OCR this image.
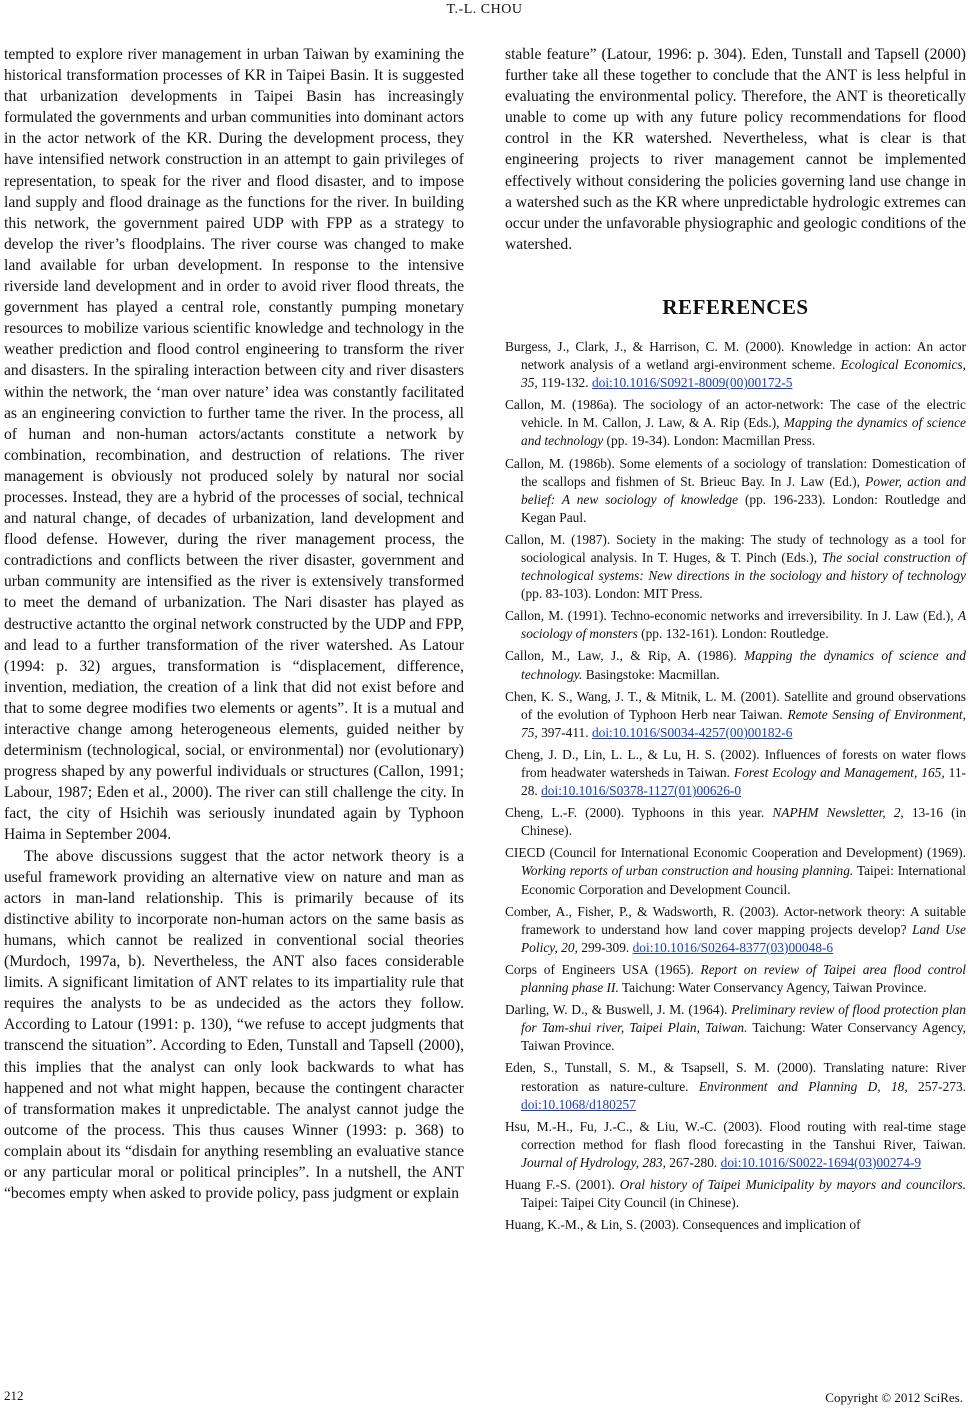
T.-L. CHOU

tempted to explore river management in urban Taiwan by examining the historical transformation processes of KR in Taipei Basin. It is suggested that urbanization developments in Taipei Basin has increasingly formulated the governments and urban communities into dominant actors in the actor network of the KR. During the development process, they have intensified network construction in an attempt to gain privileges of representation, to speak for the river and flood disaster, and to impose land supply and flood drainage as the functions for the river. In building this network, the government paired UDP with FPP as a strategy to develop the river’s floodplains. The river course was changed to make land available for urban development. In response to the intensive riverside land development and in order to avoid river flood threats, the government has played a central role, constantly pumping monetary resources to mobilize various scientific knowledge and technology in the weather prediction and flood control engineering to transform the river and disasters. In the spiraling interaction between city and river disasters within the network, the ‘man over nature’ idea was constantly facilitated as an engineering conviction to further tame the river. In the process, all of human and non-human actors/actants constitute a network by combination, recombination, and destruction of relations. The river management is obviously not produced solely by natural nor social processes. Instead, they are a hybrid of the processes of social, technical and natural change, of decades of urbanization, land development and flood defense. However, during the river management process, the contradictions and conflicts between the river disaster, government and urban community are intensified as the river is extensively transformed to meet the demand of urbanization. The Nari disaster has played as destructive actantto the orginal network constructed by the UDP and FPP, and lead to a further transformation of the river watershed. As Latour (1994: p. 32) argues, transformation is “displacement, difference, invention, mediation, the creation of a link that did not exist before and that to some degree modifies two elements or agents”. It is a mutual and interactive change among heterogeneous elements, guided neither by determinism (technological, social, or environmental) nor (evolutionary) progress shaped by any powerful individuals or structures (Callon, 1991; Labour, 1987; Eden et al., 2000). The river can still challenge the city. In fact, the city of Hsichih was seriously inundated again by Typhoon Haima in September 2004.

The above discussions suggest that the actor network theory is a useful framework providing an alternative view on nature and man as actors in man-land relationship. This is primarily because of its distinctive ability to incorporate non-human actors on the same basis as humans, which cannot be realized in conventional social theories (Murdoch, 1997a, b). Nevertheless, the ANT also faces considerable limits. A significant limitation of ANT relates to its impartiality rule that requires the analysts to be as undecided as the actors they follow. According to Latour (1991: p. 130), “we refuse to accept judgments that transcend the situation”. According to Eden, Tunstall and Tapsell (2000), this implies that the analyst can only look backwards to what has happened and not what might happen, because the contingent character of transformation makes it unpredictable. The analyst cannot judge the outcome of the process. This thus causes Winner (1993: p. 368) to complain about its “disdain for anything resembling an evaluative stance or any particular moral or political principles”. In a nutshell, the ANT “becomes empty when asked to provide policy, pass judgment or explain

stable feature” (Latour, 1996: p. 304). Eden, Tunstall and Tapsell (2000) further take all these together to conclude that the ANT is less helpful in evaluating the environmental policy. Therefore, the ANT is theoretically unable to come up with any future policy recommendations for flood control in the KR watershed. Nevertheless, what is clear is that engineering projects to river management cannot be implemented effectively without considering the policies governing land use change in a watershed such as the KR where unpredictable hydrologic extremes can occur under the unfavorable physiographic and geologic conditions of the watershed.

REFERENCES
Burgess, J., Clark, J., & Harrison, C. M. (2000). Knowledge in action: An actor network analysis of a wetland argi-environment scheme. Ecological Economics, 35, 119-132. doi:10.1016/S0921-8009(00)00172-5
Callon, M. (1986a). The sociology of an actor-network: The case of the electric vehicle. In M. Callon, J. Law, & A. Rip (Eds.), Mapping the dynamics of science and technology (pp. 19-34). London: Macmillan Press.
Callon, M. (1986b). Some elements of a sociology of translation: Domestication of the scallops and fishmen of St. Brieuc Bay. In J. Law (Ed.), Power, action and belief: A new sociology of knowledge (pp. 196-233). London: Routledge and Kegan Paul.
Callon, M. (1987). Society in the making: The study of technology as a tool for sociological analysis. In T. Huges, & T. Pinch (Eds.), The social construction of technological systems: New directions in the sociology and history of technology (pp. 83-103). London: MIT Press.
Callon, M. (1991). Techno-economic networks and irreversibility. In J. Law (Ed.), A sociology of monsters (pp. 132-161). London: Routledge.
Callon, M., Law, J., & Rip, A. (1986). Mapping the dynamics of science and technology. Basingstoke: Macmillan.
Chen, K. S., Wang, J. T., & Mitnik, L. M. (2001). Satellite and ground observations of the evolution of Typhoon Herb near Taiwan. Remote Sensing of Environment, 75, 397-411. doi:10.1016/S0034-4257(00)00182-6
Cheng, J. D., Lin, L. L., & Lu, H. S. (2002). Influences of forests on water flows from headwater watersheds in Taiwan. Forest Ecology and Management, 165, 11-28. doi:10.1016/S0378-1127(01)00626-0
Cheng, L.-F. (2000). Typhoons in this year. NAPHM Newsletter, 2, 13-16 (in Chinese).
CIECD (Council for International Economic Cooperation and Development) (1969). Working reports of urban construction and housing planning. Taipei: International Economic Corporation and Development Council.
Comber, A., Fisher, P., & Wadsworth, R. (2003). Actor-network theory: A suitable framework to understand how land cover mapping projects develop? Land Use Policy, 20, 299-309. doi:10.1016/S0264-8377(03)00048-6
Corps of Engineers USA (1965). Report on review of Taipei area flood control planning phase II. Taichung: Water Conservancy Agency, Taiwan Province.
Darling, W. D., & Buswell, J. M. (1964). Preliminary review of flood protection plan for Tam-shui river, Taipei Plain, Taiwan. Taichung: Water Conservancy Agency, Taiwan Province.
Eden, S., Tunstall, S. M., & Tsapsell, S. M. (2000). Translating nature: River restoration as nature-culture. Environment and Planning D, 18, 257-273. doi:10.1068/d180257
Hsu, M.-H., Fu, J.-C., & Liu, W.-C. (2003). Flood routing with real-time stage correction method for flash flood forecasting in the Tanshui River, Taiwan. Journal of Hydrology, 283, 267-280. doi:10.1016/S0022-1694(03)00274-9
Huang F.-S. (2001). Oral history of Taipei Municipality by mayors and councilors. Taipei: Taipei City Council (in Chinese).
Huang, K.-M., & Lin, S. (2003). Consequences and implication of
212	Copyright © 2012 SciRes.
